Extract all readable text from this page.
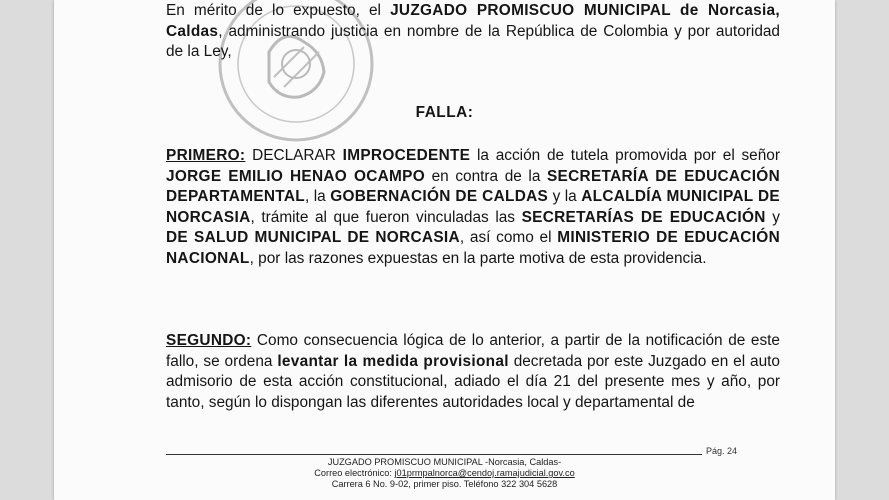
En mérito de lo expuesto, el JUZGADO PROMISCUO MUNICIPAL de Norcasia, Caldas, administrando justicia en nombre de la República de Colombia y por autoridad de la Ley,

FALLA:

PRIMERO: DECLARAR IMPROCEDENTE la acción de tutela promovida por el señor JORGE EMILIO HENAO OCAMPO en contra de la SECRETARÍA DE EDUCACIÓN DEPARTAMENTAL, la GOBERNACIÓN DE CALDAS y la ALCALDÍA MUNICIPAL DE NORCASIA, trámite al que fueron vinculadas las SECRETARÍAS DE EDUCACIÓN y DE SALUD MUNICIPAL DE NORCASIA, así como el MINISTERIO DE EDUCACIÓN NACIONAL, por las razones expuestas en la parte motiva de esta providencia.

SEGUNDO: Como consecuencia lógica de lo anterior, a partir de la notificación de este fallo, se ordena levantar la medida provisional decretada por este Juzgado en el auto admisorio de esta acción constitucional, adiado el día 21 del presente mes y año, por tanto, según lo dispongan las diferentes autoridades local y departamental de

Pág. 24
JUZGADO PROMISCUO MUNICIPAL -Norcasia, Caldas-
Correo electrónico: j01prmpalnorca@cendoj.ramajudicial.gov.co
Carrera 6 No. 9-02, primer piso. Teléfono 322 304 5628
